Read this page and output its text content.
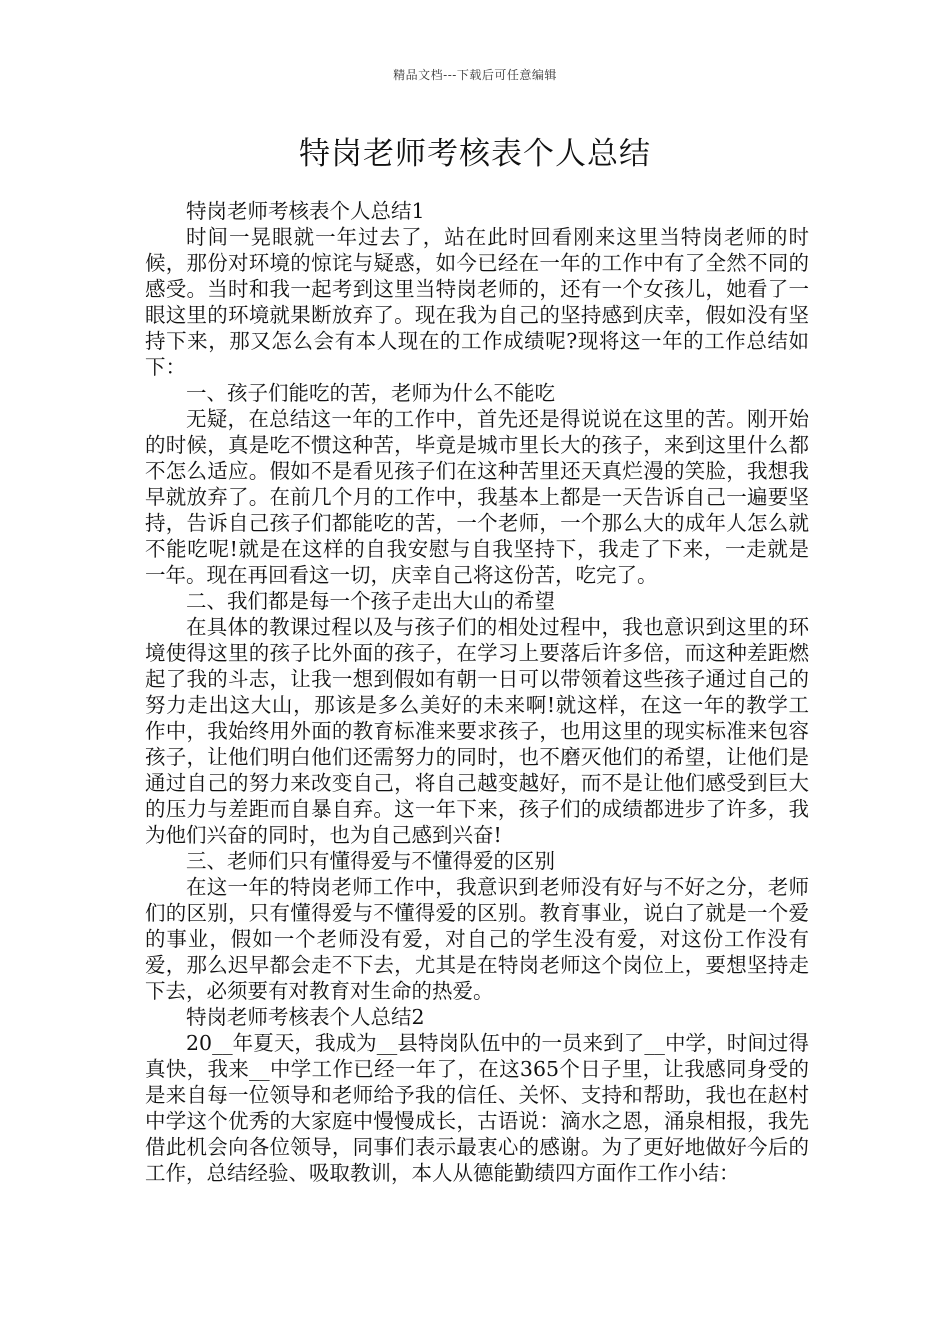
精品文档---下载后可任意编辑
特岗老师考核表个人总结

特岗老师考核表个人总结1

时间一晃眼就一年过去了，站在此时回看刚来这里当特岗老师的时候，那份对环境的惊诧与疑惑，如今已经在一年的工作中有了全然不同的感受。当时和我一起考到这里当特岗老师的，还有一个女孩儿，她看了一眼这里的环境就果断放弃了。现在我为自己的坚持感到庆幸，假如没有坚持下来，那又怎么会有本人现在的工作成绩呢?现将这一年的工作总结如下：

一、孩子们能吃的苦，老师为什么不能吃

无疑，在总结这一年的工作中，首先还是得说说在这里的苦。刚开始的时候，真是吃不惯这种苦，毕竟是城市里长大的孩子，来到这里什么都不怎么适应。假如不是看见孩子们在这种苦里还天真烂漫的笑脸，我想我早就放弃了。在前几个月的工作中，我基本上都是一天告诉自己一遍要坚持，告诉自己孩子们都能吃的苦，一个老师，一个那么大的成年人怎么就不能吃呢!就是在这样的自我安慰与自我坚持下，我走了下来，一走就是一年。现在再回看这一切，庆幸自己将这份苦，吃完了。

二、我们都是每一个孩子走出大山的希望

在具体的教课过程以及与孩子们的相处过程中，我也意识到这里的环境使得这里的孩子比外面的孩子，在学习上要落后许多倍，而这种差距燃起了我的斗志，让我一想到假如有朝一日可以带领着这些孩子通过自己的努力走出这大山，那该是多么美好的未来啊!就这样，在这一年的教学工作中，我始终用外面的教育标准来要求孩子，也用这里的现实标准来包容孩子，让他们明白他们还需努力的同时，也不磨灭他们的希望，让他们是通过自己的努力来改变自己，将自己越变越好，而不是让他们感受到巨大的压力与差距而自暴自弃。这一年下来，孩子们的成绩都进步了许多，我为他们兴奋的同时，也为自己感到兴奋!

三、老师们只有懂得爱与不懂得爱的区别

在这一年的特岗老师工作中，我意识到老师没有好与不好之分，老师们的区别，只有懂得爱与不懂得爱的区别。教育事业，说白了就是一个爱的事业，假如一个老师没有爱，对自己的学生没有爱，对这份工作没有爱，那么迟早都会走不下去，尤其是在特岗老师这个岗位上，要想坚持走下去，必须要有对教育对生命的热爱。

特岗老师考核表个人总结2

20__年夏天，我成为__县特岗队伍中的一员来到了__中学，时间过得真快，我来__中学工作已经一年了，在这365个日子里，让我感同身受的是来自每一位领导和老师给予我的信任、关怀、支持和帮助，我也在赵村中学这个优秀的大家庭中慢慢成长，古语说：滴水之恩，涌泉相报，我先借此机会向各位领导，同事们表示最衷心的感谢。为了更好地做好今后的工作，总结经验、吸取教训，本人从德能勤绩四方面作工作小结：
